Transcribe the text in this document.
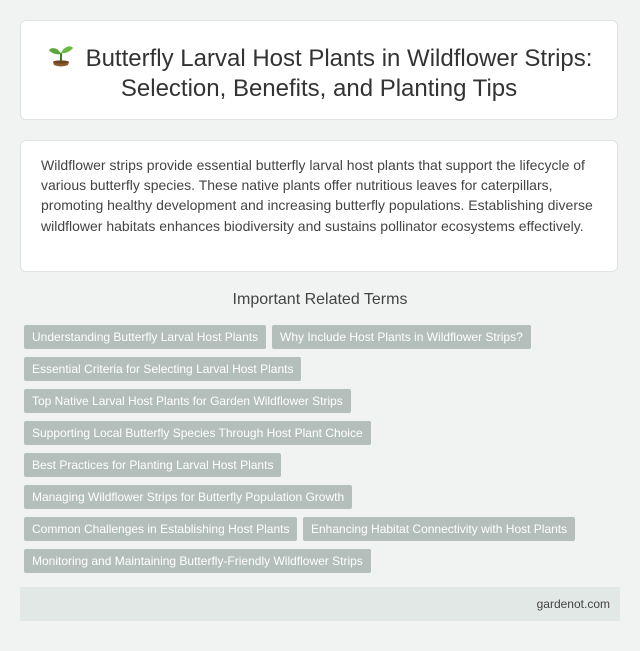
Butterfly Larval Host Plants in Wildflower Strips: Selection, Benefits, and Planting Tips

Wildflower strips provide essential butterfly larval host plants that support the lifecycle of various butterfly species. These native plants offer nutritious leaves for caterpillars, promoting healthy development and increasing butterfly populations. Establishing diverse wildflower habitats enhances biodiversity and sustains pollinator ecosystems effectively.

Important Related Terms
Understanding Butterfly Larval Host Plants	Why Include Host Plants in Wildflower Strips?
Essential Criteria for Selecting Larval Host Plants
Top Native Larval Host Plants for Garden Wildflower Strips
Supporting Local Butterfly Species Through Host Plant Choice
Best Practices for Planting Larval Host Plants
Managing Wildflower Strips for Butterfly Population Growth
Common Challenges in Establishing Host Plants	Enhancing Habitat Connectivity with Host Plants
Monitoring and Maintaining Butterfly-Friendly Wildflower Strips
gardenot.com
